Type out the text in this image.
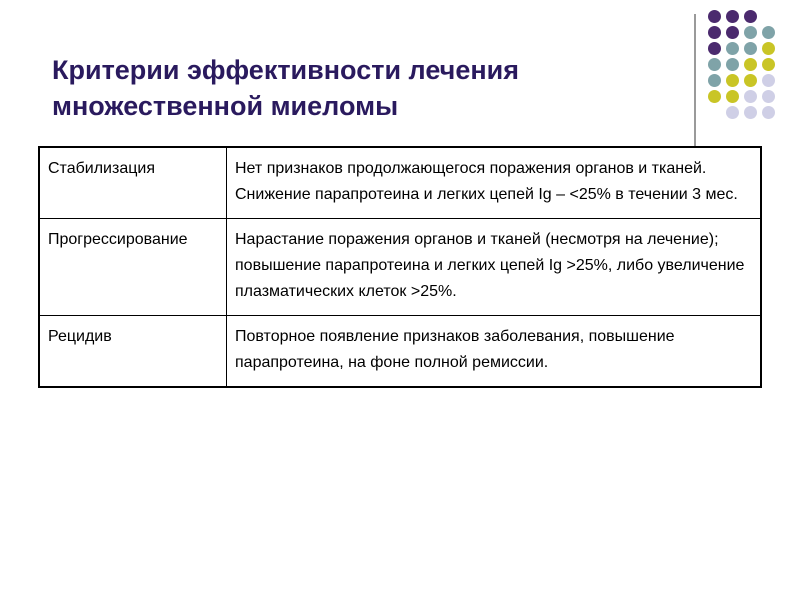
Критерии эффективности лечения
множественной миеломы
Стабилизация	Нет признаков продолжающегося поражения органов и тканей. Снижение парапротеина и легких цепей Ig – <25% в течении 3 мес.
Прогрессирование	Нарастание поражения органов и тканей (несмотря на лечение); повышение парапротеина и легких цепей Ig >25%, либо увеличение плазматических клеток >25%.
Рецидив	Повторное появление признаков заболевания, повышение парапротеина, на фоне полной ремиссии.
